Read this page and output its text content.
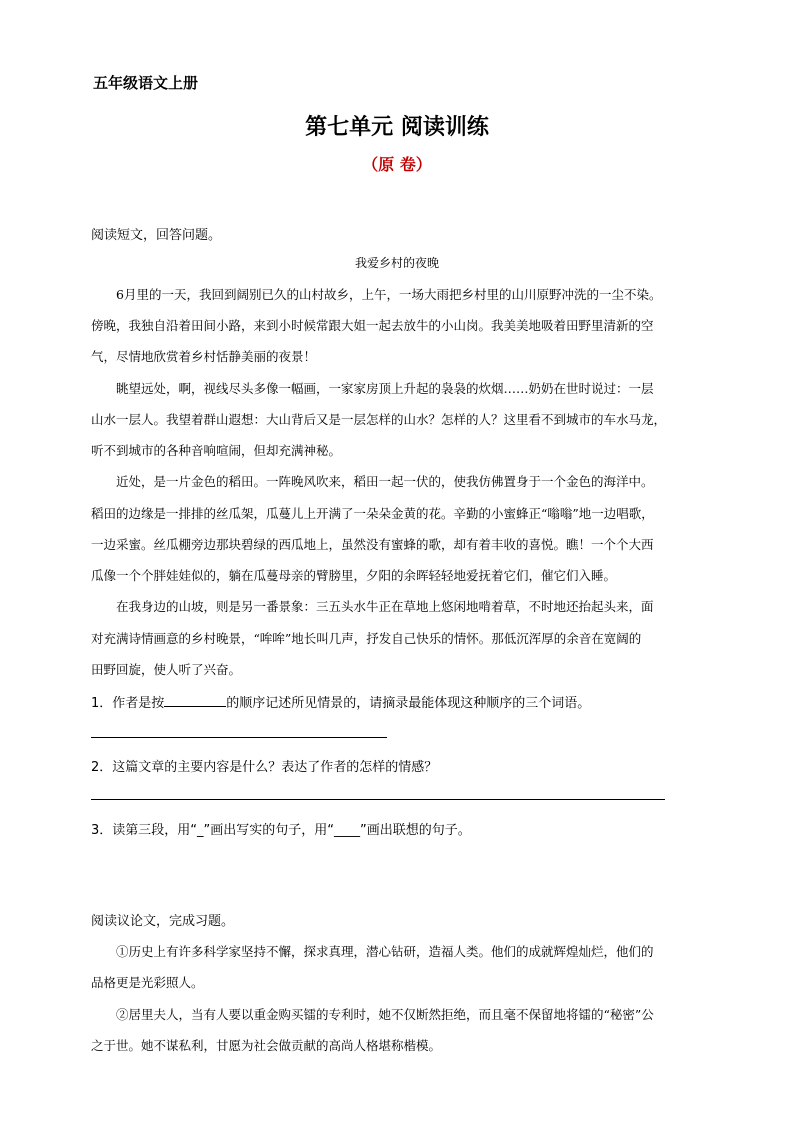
五年级语文上册
第七单元 阅读训练
（原 卷）
阅读短文，回答问题。
我爱乡村的夜晚
　　6月里的一天，我回到阔别已久的山村故乡，上午，一场大雨把乡村里的山川原野冲洗的一尘不染。
傍晚，我独自沿着田间小路，来到小时候常跟大姐一起去放牛的小山岗。我美美地吸着田野里清新的空
气，尽情地欣赏着乡村恬静美丽的夜景！
　　眺望远处，啊，视线尽头多像一幅画，一家家房顶上升起的袅袅的炊烟……奶奶在世时说过：一层
山水一层人。我望着群山遐想：大山背后又是一层怎样的山水？怎样的人？这里看不到城市的车水马龙，
听不到城市的各种音响喧闹，但却充满神秘。
　　近处，是一片金色的稻田。一阵晚风吹来，稻田一起一伏的，使我仿佛置身于一个金色的海洋中。
稻田的边缘是一排排的丝瓜架，瓜蔓儿上开满了一朵朵金黄的花。辛勤的小蜜蜂正“嗡嗡”地一边唱歌，
一边采蜜。丝瓜棚旁边那块碧绿的西瓜地上，虽然没有蜜蜂的歌，却有着丰收的喜悦。瞧！一个个大西
瓜像一个个胖娃娃似的，躺在瓜蔓母亲的臂膀里，夕阳的余晖轻轻地爱抚着它们，催它们入睡。
　　在我身边的山坡，则是另一番景象：三五头水牛正在草地上悠闲地啃着草，不时地还抬起头来，面
对充满诗情画意的乡村晚景，“哞哞”地长叫几声，抒发自己快乐的情怀。那低沉浑厚的余音在宽阔的
田野回旋，使人听了兴奋。
1．作者是按	的顺序记述所见情景的，请摘录最能体现这种顺序的三个词语。
2．这篇文章的主要内容是什么？表达了作者的怎样的情感？
3．读第三段，用“_”画出写实的句子，用“____”画出联想的句子。
阅读议论文，完成习题。
　　①历史上有许多科学家坚持不懈，探求真理，潜心钻研，造福人类。他们的成就辉煌灿烂，他们的
品格更是光彩照人。
　　②居里夫人，当有人要以重金购买镭的专利时，她不仅断然拒绝，而且毫不保留地将镭的“秘密”公
之于世。她不谋私利，甘愿为社会做贡献的高尚人格堪称楷模。
